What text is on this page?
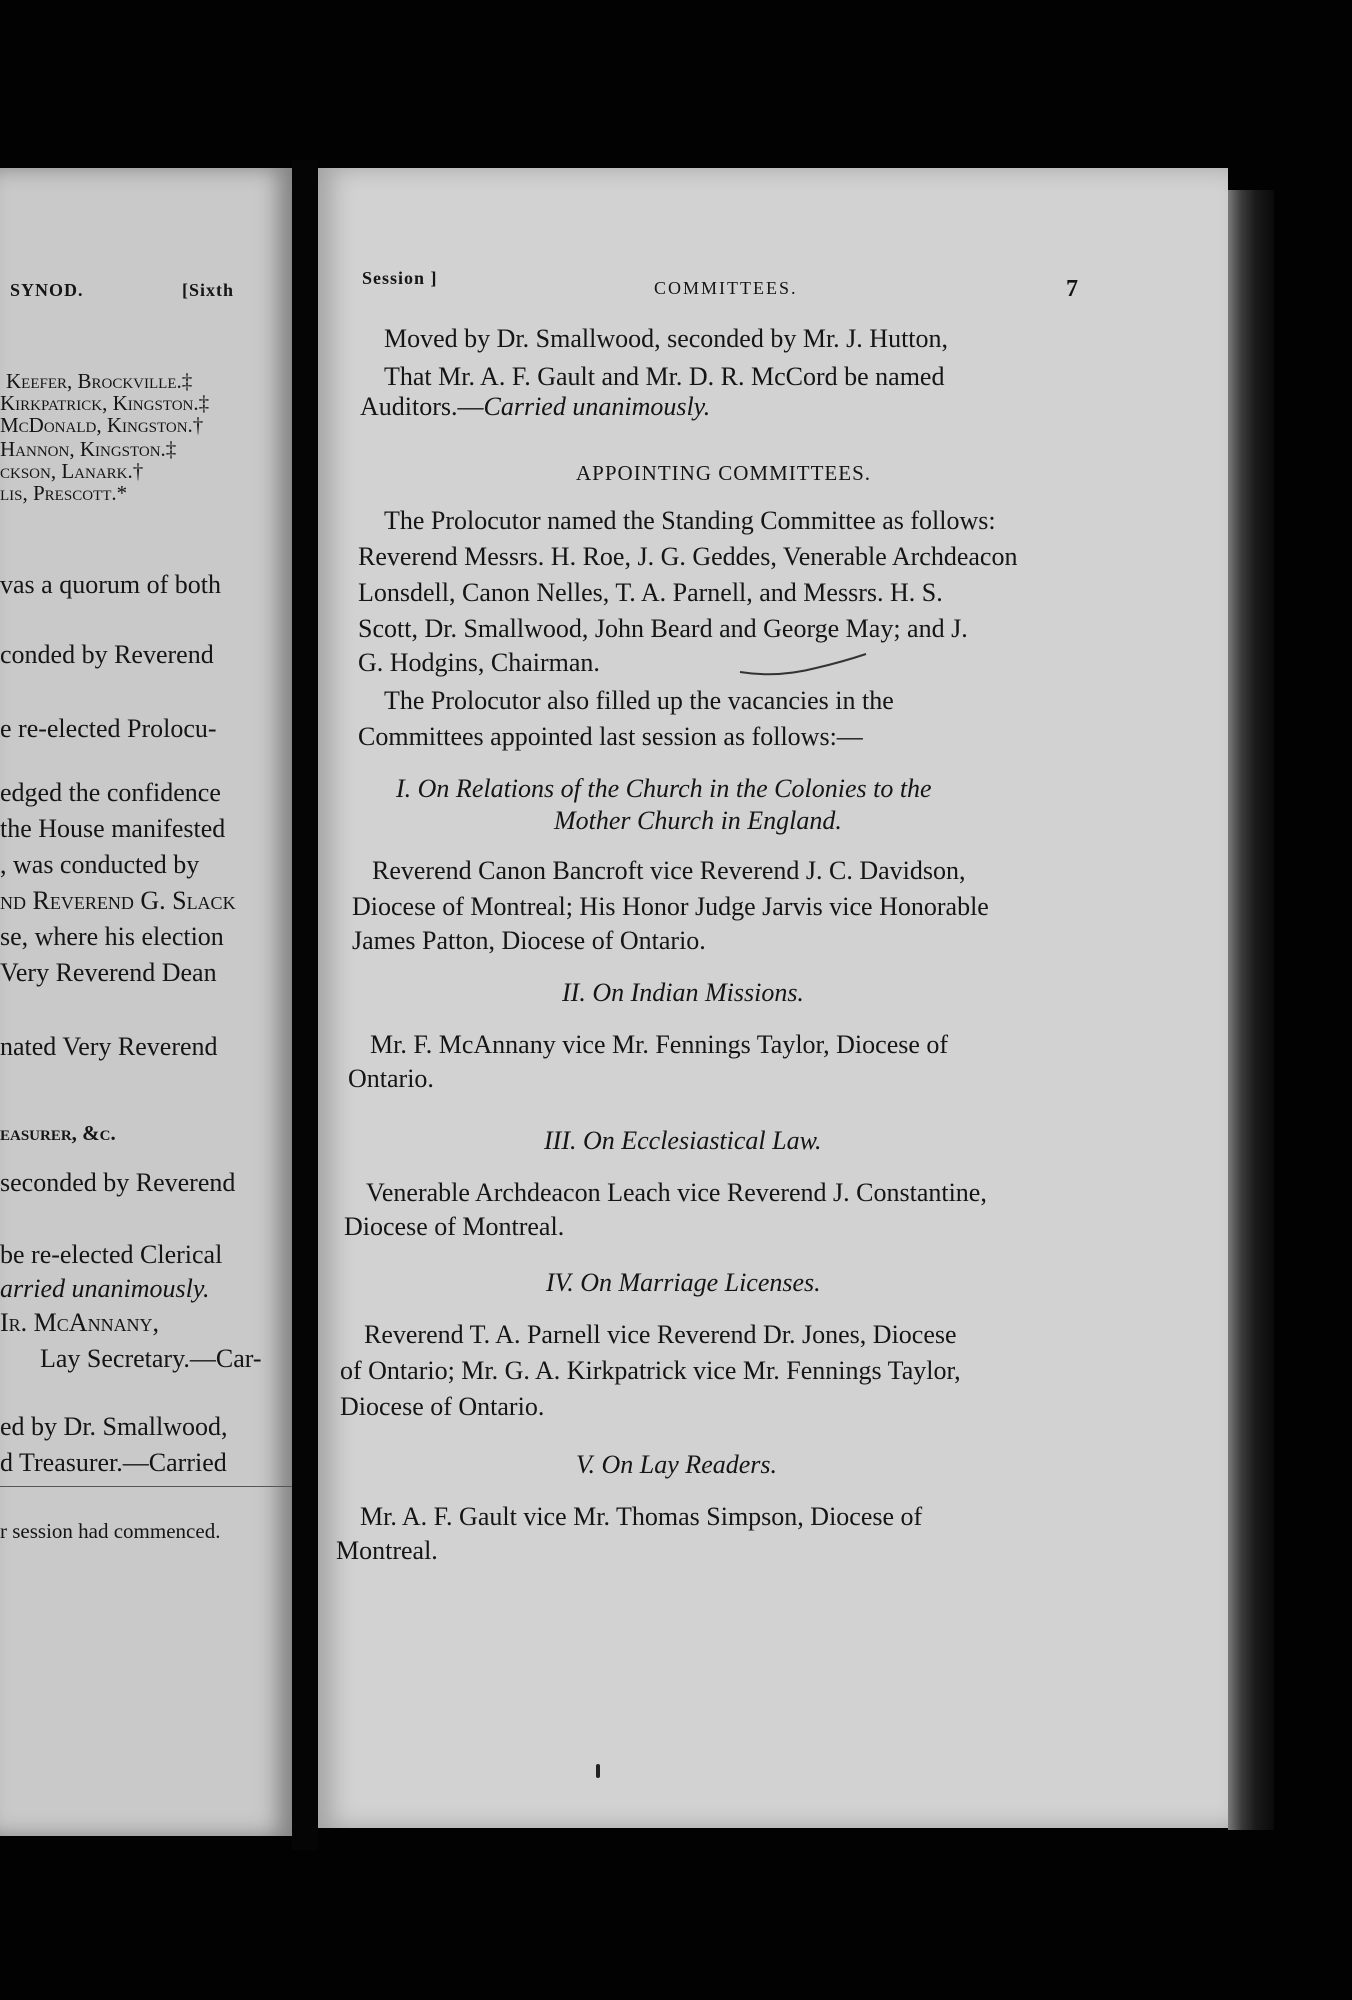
SYNOD.	[Sixth
Keefer, Brockville.‡
Kirkpatrick, Kingston.‡
McDonald, Kingston.†
Hannon, Kingston.‡
ckson, Lanark.†
lis, Prescott.*
vas a quorum of both
conded by Reverend
e re-elected Prolocu-
edged the confidence
the House manifested
, was conducted by
nd Reverend G. Slack
se, where his election
Very Reverend Dean
nated Very Reverend
easurer, &c.
seconded by Reverend
be re-elected Clerical
arried unanimously.
Ir. McAnnany,
Lay Secretary.—Car-
ed by Dr. Smallwood,
d Treasurer.—Carried
r session had commenced.
Session ]	COMMITTEES.	7
Moved by Dr. Smallwood, seconded by Mr. J. Hutton,
That Mr. A. F. Gault and Mr. D. R. McCord be named
Auditors.—Carried unanimously.
APPOINTING COMMITTEES.
The Prolocutor named the Standing Committee as follows:
Reverend Messrs. H. Roe, J. G. Geddes, Venerable Archdeacon
Lonsdell, Canon Nelles, T. A. Parnell, and Messrs. H. S.
Scott, Dr. Smallwood, John Beard and George May; and J.
G. Hodgins, Chairman.
The Prolocutor also filled up the vacancies in the
Committees appointed last session as follows:—
I. On Relations of the Church in the Colonies to the
Mother Church in England.
Reverend Canon Bancroft vice Reverend J. C. Davidson,
Diocese of Montreal; His Honor Judge Jarvis vice Honorable
James Patton, Diocese of Ontario.
II. On Indian Missions.
Mr. F. McAnnany vice Mr. Fennings Taylor, Diocese of
Ontario.
III. On Ecclesiastical Law.
Venerable Archdeacon Leach vice Reverend J. Constantine,
Diocese of Montreal.
IV. On Marriage Licenses.
Reverend T. A. Parnell vice Reverend Dr. Jones, Diocese
of Ontario; Mr. G. A. Kirkpatrick vice Mr. Fennings Taylor,
Diocese of Ontario.
V. On Lay Readers.
Mr. A. F. Gault vice Mr. Thomas Simpson, Diocese of
Montreal.
